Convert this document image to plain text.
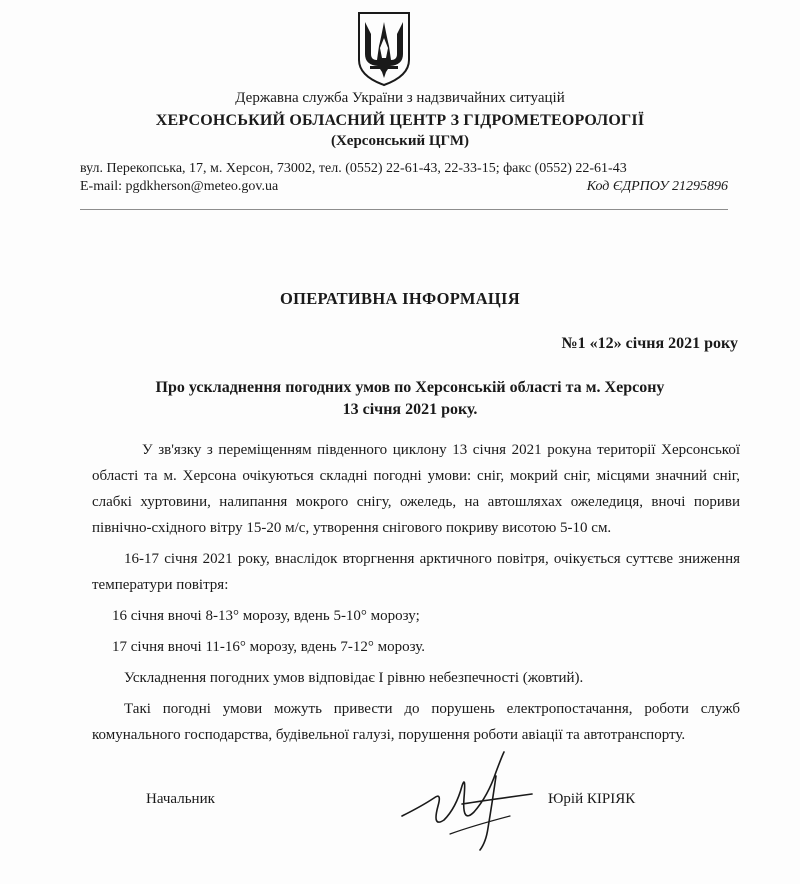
Державна служба України з надзвичайних ситуацій
ХЕРСОНСЬКИЙ ОБЛАСНИЙ ЦЕНТР З ГІДРОМЕТЕОРОЛОГІЇ
(Херсонський ЦГМ)
вул. Перекопська, 17, м. Херсон, 73002, тел. (0552) 22-61-43, 22-33-15; факс (0552) 22-61-43
E-mail: pgdkherson@meteo.gov.ua	Код ЄДРПОУ 21295896
ОПЕРАТИВНА ІНФОРМАЦІЯ
№1 «12» січня 2021 року
Про ускладнення погодних умов по Херсонській області та м. Херсону
13 січня 2021 року.

У зв'язку з переміщенням південного циклону 13 січня 2021 рокуна території Херсонської області та м. Херсона очікуються складні погодні умови: сніг, мокрий сніг, місцями значний сніг, слабкі хуртовини, налипання мокрого снігу, ожеледь, на автошляхах ожеледиця, вночі пориви північно-східного вітру 15-20 м/с, утворення снігового покриву висотою 5-10 см.

16-17 січня 2021 року, внаслідок вторгнення арктичного повітря, очікується суттєве зниження температури повітря:

16 січня вночі 8-13° морозу, вдень 5-10° морозу;

17 січня вночі 11-16° морозу, вдень 7-12° морозу.

Ускладнення погодних умов відповідає І рівню небезпечності (жовтий).

Такі погодні умови можуть привести до порушень електропостачання, роботи служб комунального господарства, будівельної галузі, порушення роботи авіації та автотранспорту.

Начальник	Юрій КІРІЯК
